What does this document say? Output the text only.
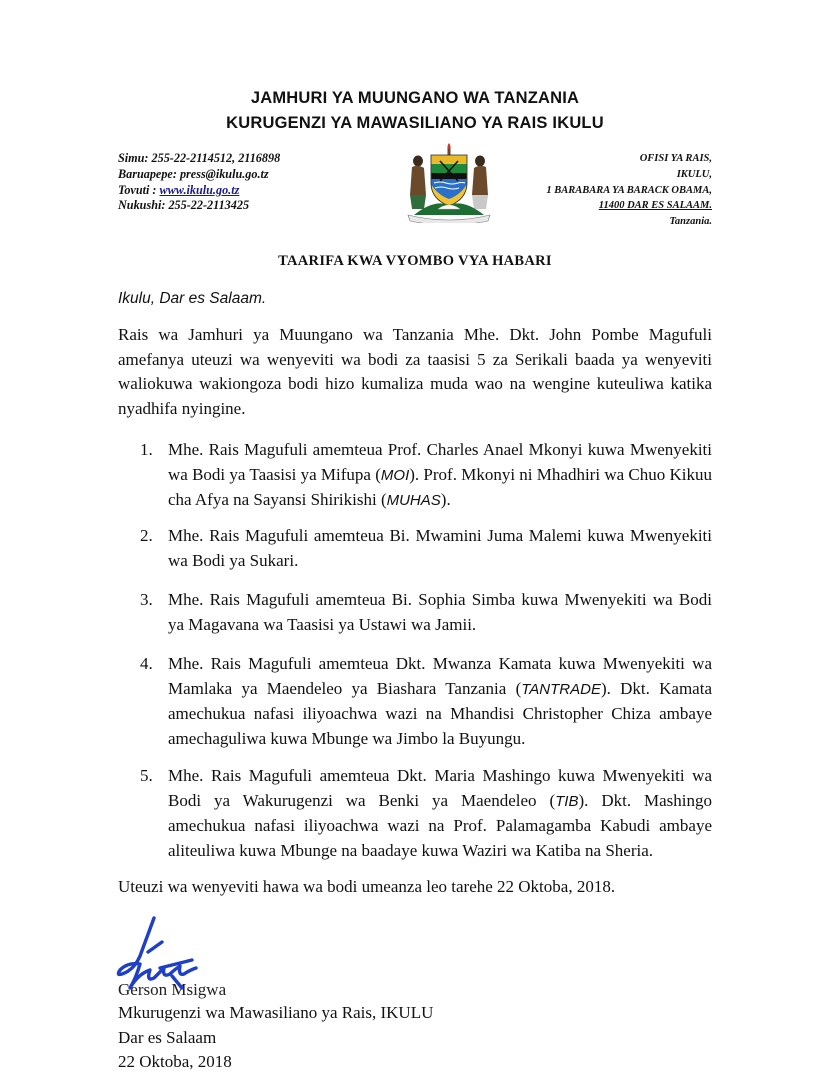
JAMHURI YA MUUNGANO WA TANZANIA
KURUGENZI YA MAWASILIANO YA RAIS IKULU
Simu: 255-22-2114512, 2116898
Baruapepe: press@ikulu.go.tz
Tovuti : www.ikulu.go.tz
Nukushi: 255-22-2113425
OFISI YA RAIS,
IKULU,
1 BARABARA YA BARACK OBAMA,
11400 DAR ES SALAAM.
Tanzania.
TAARIFA KWA VYOMBO VYA HABARI
Ikulu, Dar es Salaam.

Rais wa Jamhuri ya Muungano wa Tanzania Mhe. Dkt. John Pombe Magufuli amefanya uteuzi wa wenyeviti wa bodi za taasisi 5 za Serikali baada ya wenyeviti waliokuwa wakiongoza bodi hizo kumaliza muda wao na wengine kuteuliwa katika nyadhifa nyingine.

1. Mhe. Rais Magufuli amemteua Prof. Charles Anael Mkonyi kuwa Mwenyekiti wa Bodi ya Taasisi ya Mifupa (MOI). Prof. Mkonyi ni Mhadhiri wa Chuo Kikuu cha Afya na Sayansi Shirikishi (MUHAS).
2. Mhe. Rais Magufuli amemteua Bi. Mwamini Juma Malemi kuwa Mwenyekiti wa Bodi ya Sukari.
3. Mhe. Rais Magufuli amemteua Bi. Sophia Simba kuwa Mwenyekiti wa Bodi ya Magavana wa Taasisi ya Ustawi wa Jamii.
4. Mhe. Rais Magufuli amemteua Dkt. Mwanza Kamata kuwa Mwenyekiti wa Mamlaka ya Maendeleo ya Biashara Tanzania (TANTRADE). Dkt. Kamata amechukua nafasi iliyoachwa wazi na Mhandisi Christopher Chiza ambaye amechaguliwa kuwa Mbunge wa Jimbo la Buyungu.
5. Mhe. Rais Magufuli amemteua Dkt. Maria Mashingo kuwa Mwenyekiti wa Bodi ya Wakurugenzi wa Benki ya Maendeleo (TIB). Dkt. Mashingo amechukua nafasi iliyoachwa wazi na Prof. Palamagamba Kabudi ambaye aliteuliwa kuwa Mbunge na baadaye kuwa Waziri wa Katiba na Sheria.
Uteuzi wa wenyeviti hawa wa bodi umeanza leo tarehe 22 Oktoba, 2018.
Gerson Msigwa
Mkurugenzi wa Mawasiliano ya Rais, IKULU
Dar es Salaam
22 Oktoba, 2018
